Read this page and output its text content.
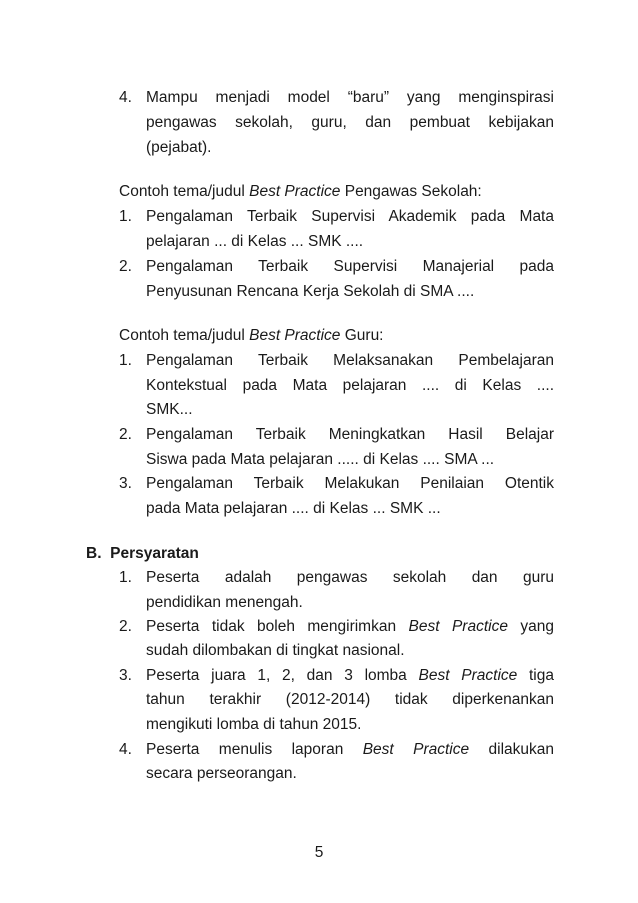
4. Mampu menjadi model “baru” yang menginspirasi
pengawas sekolah, guru, dan pembuat kebijakan
(pejabat).
Contoh tema/judul Best Practice Pengawas Sekolah:
1. Pengalaman Terbaik Supervisi Akademik pada Mata
pelajaran ... di Kelas ... SMK ....
2. Pengalaman Terbaik Supervisi Manajerial pada
Penyusunan Rencana Kerja Sekolah di SMA ....
Contoh tema/judul Best Practice Guru:
1. Pengalaman Terbaik Melaksanakan Pembelajaran
Kontekstual pada Mata pelajaran .... di Kelas ....
SMK...
2. Pengalaman Terbaik Meningkatkan Hasil Belajar
Siswa pada Mata pelajaran ..... di Kelas .... SMA ...
3. Pengalaman Terbaik Melakukan Penilaian Otentik
pada Mata pelajaran .... di Kelas ... SMK ...
B. Persyaratan
1. Peserta adalah pengawas sekolah dan guru
pendidikan menengah.
2. Peserta tidak boleh mengirimkan Best Practice yang
sudah dilombakan di tingkat nasional.
3. Peserta juara 1, 2, dan 3 lomba Best Practice tiga
tahun terakhir (2012-2014) tidak diperkenankan
mengikuti lomba di tahun 2015.
4. Peserta menulis laporan Best Practice dilakukan
secara perseorangan.
5
